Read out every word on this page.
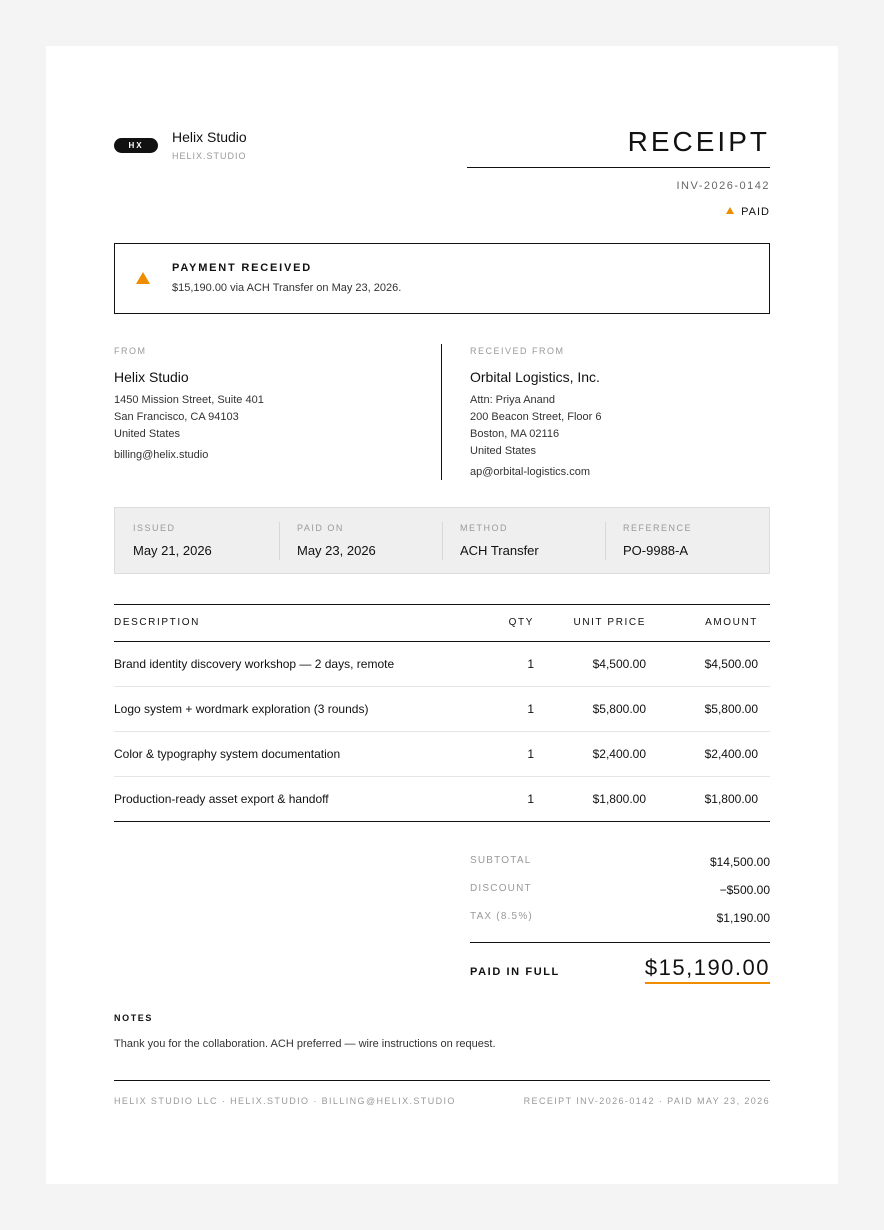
HX
Helix Studio
HELIX.STUDIO	RECEIPT
INV-2026-0142
PAID
PAYMENT RECEIVED
$15,190.00 via ACH Transfer on May 23, 2026.
FROM
Helix Studio
1450 Mission Street, Suite 401
San Francisco, CA 94103
United States
billing@helix.studio
RECEIVED FROM
Orbital Logistics, Inc.
Attn: Priya Anand
200 Beacon Street, Floor 6
Boston, MA 02116
United States
ap@orbital-logistics.com
ISSUED
May 21, 2026
PAID ON
May 23, 2026
METHOD
ACH Transfer
REFERENCE
PO-9988-A
DESCRIPTION	QTY	UNIT PRICE	AMOUNT
Brand identity discovery workshop — 2 days, remote	1	$4,500.00	$4,500.00
Logo system + wordmark exploration (3 rounds)	1	$5,800.00	$5,800.00
Color & typography system documentation	1	$2,400.00	$2,400.00
Production-ready asset export & handoff	1	$1,800.00	$1,800.00
SUBTOTAL	$14,500.00
DISCOUNT	−$500.00
TAX (8.5%)	$1,190.00
PAID IN FULL	$15,190.00
NOTES
Thank you for the collaboration. ACH preferred — wire instructions on request.
HELIX STUDIO LLC · HELIX.STUDIO · BILLING@HELIX.STUDIO	RECEIPT INV-2026-0142 · PAID MAY 23, 2026
